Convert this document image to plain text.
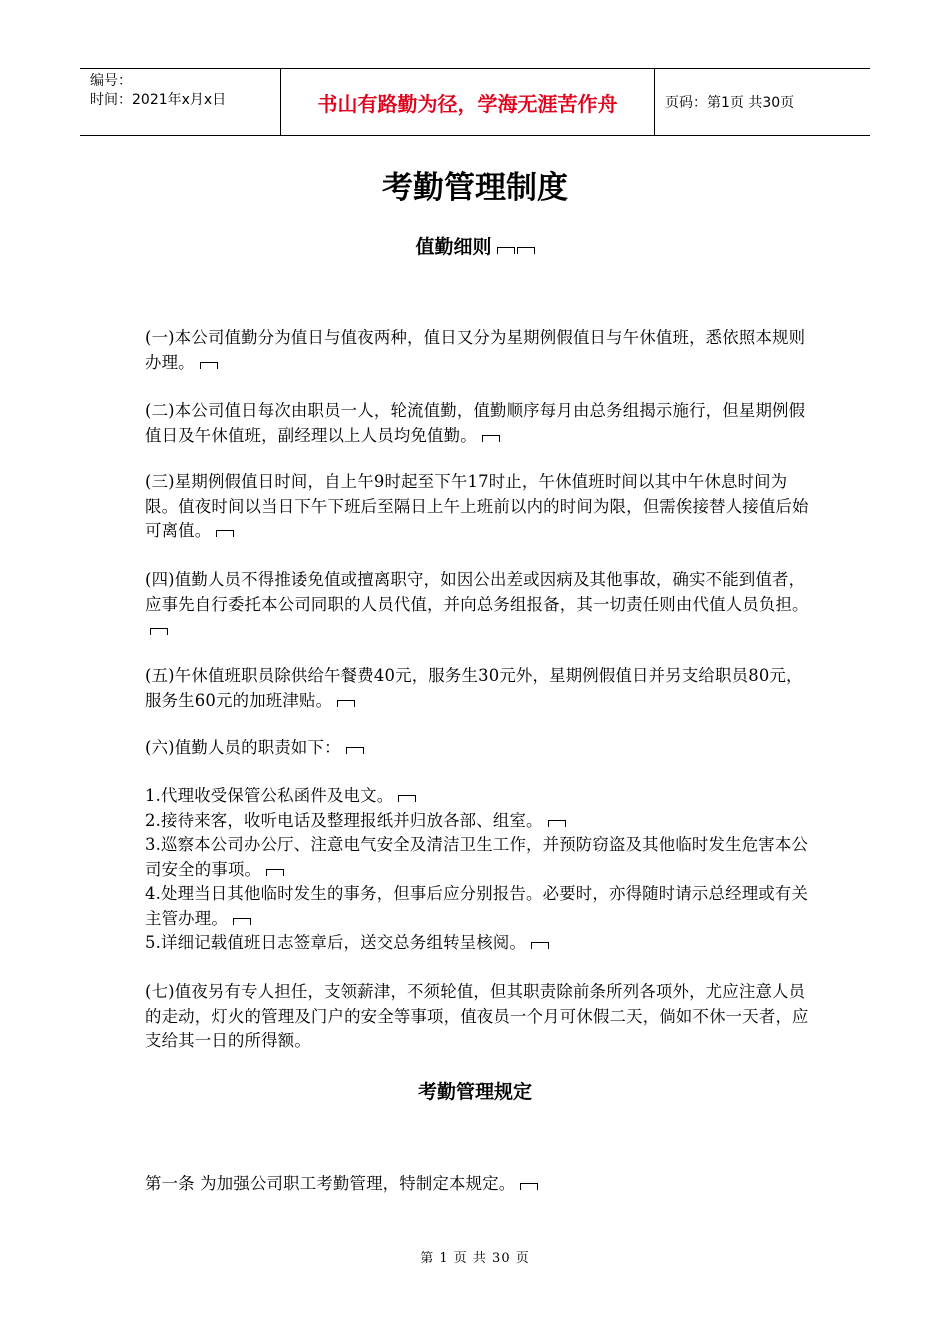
编号：
时间：2021年x月x日	书山有路勤为径，学海无涯苦作舟	页码：第1页 共30页
考勤管理制度
值勤细则
(一)本公司值勤分为值日与值夜两种，值日又分为星期例假值日与午休值班，悉依照本规则办理。
(二)本公司值日每次由职员一人，轮流值勤，值勤顺序每月由总务组揭示施行，但星期例假值日及午休值班，副经理以上人员均免值勤。
(三)星期例假值日时间，自上午9时起至下午17时止，午休值班时间以其中午休息时间为限。值夜时间以当日下午下班后至隔日上午上班前以内的时间为限，但需俟接替人接值后始可离值。
(四)值勤人员不得推诿免值或擅离职守，如因公出差或因病及其他事故，确实不能到值者，应事先自行委托本公司同职的人员代值，并向总务组报备，其一切责任则由代值人员负担。
(五)午休值班职员除供给午餐费40元，服务生30元外，星期例假值日并另支给职员80元，服务生60元的加班津贴。
(六)值勤人员的职责如下：
1.代理收受保管公私函件及电文。
2.接待来客，收听电话及整理报纸并归放各部、组室。
3.巡察本公司办公厅、注意电气安全及清洁卫生工作，并预防窃盗及其他临时发生危害本公司安全的事项。
4.处理当日其他临时发生的事务，但事后应分别报告。必要时，亦得随时请示总经理或有关主管办理。
5.详细记载值班日志签章后，送交总务组转呈核阅。
(七)值夜另有专人担任，支领薪津，不须轮值，但其职责除前条所列各项外，尤应注意人员的走动，灯火的管理及门户的安全等事项，值夜员一个月可休假二天，倘如不休一天者，应支给其一日的所得额。
考勤管理规定
第一条 为加强公司职工考勤管理，特制定本规定。
第 1 页 共 30 页
